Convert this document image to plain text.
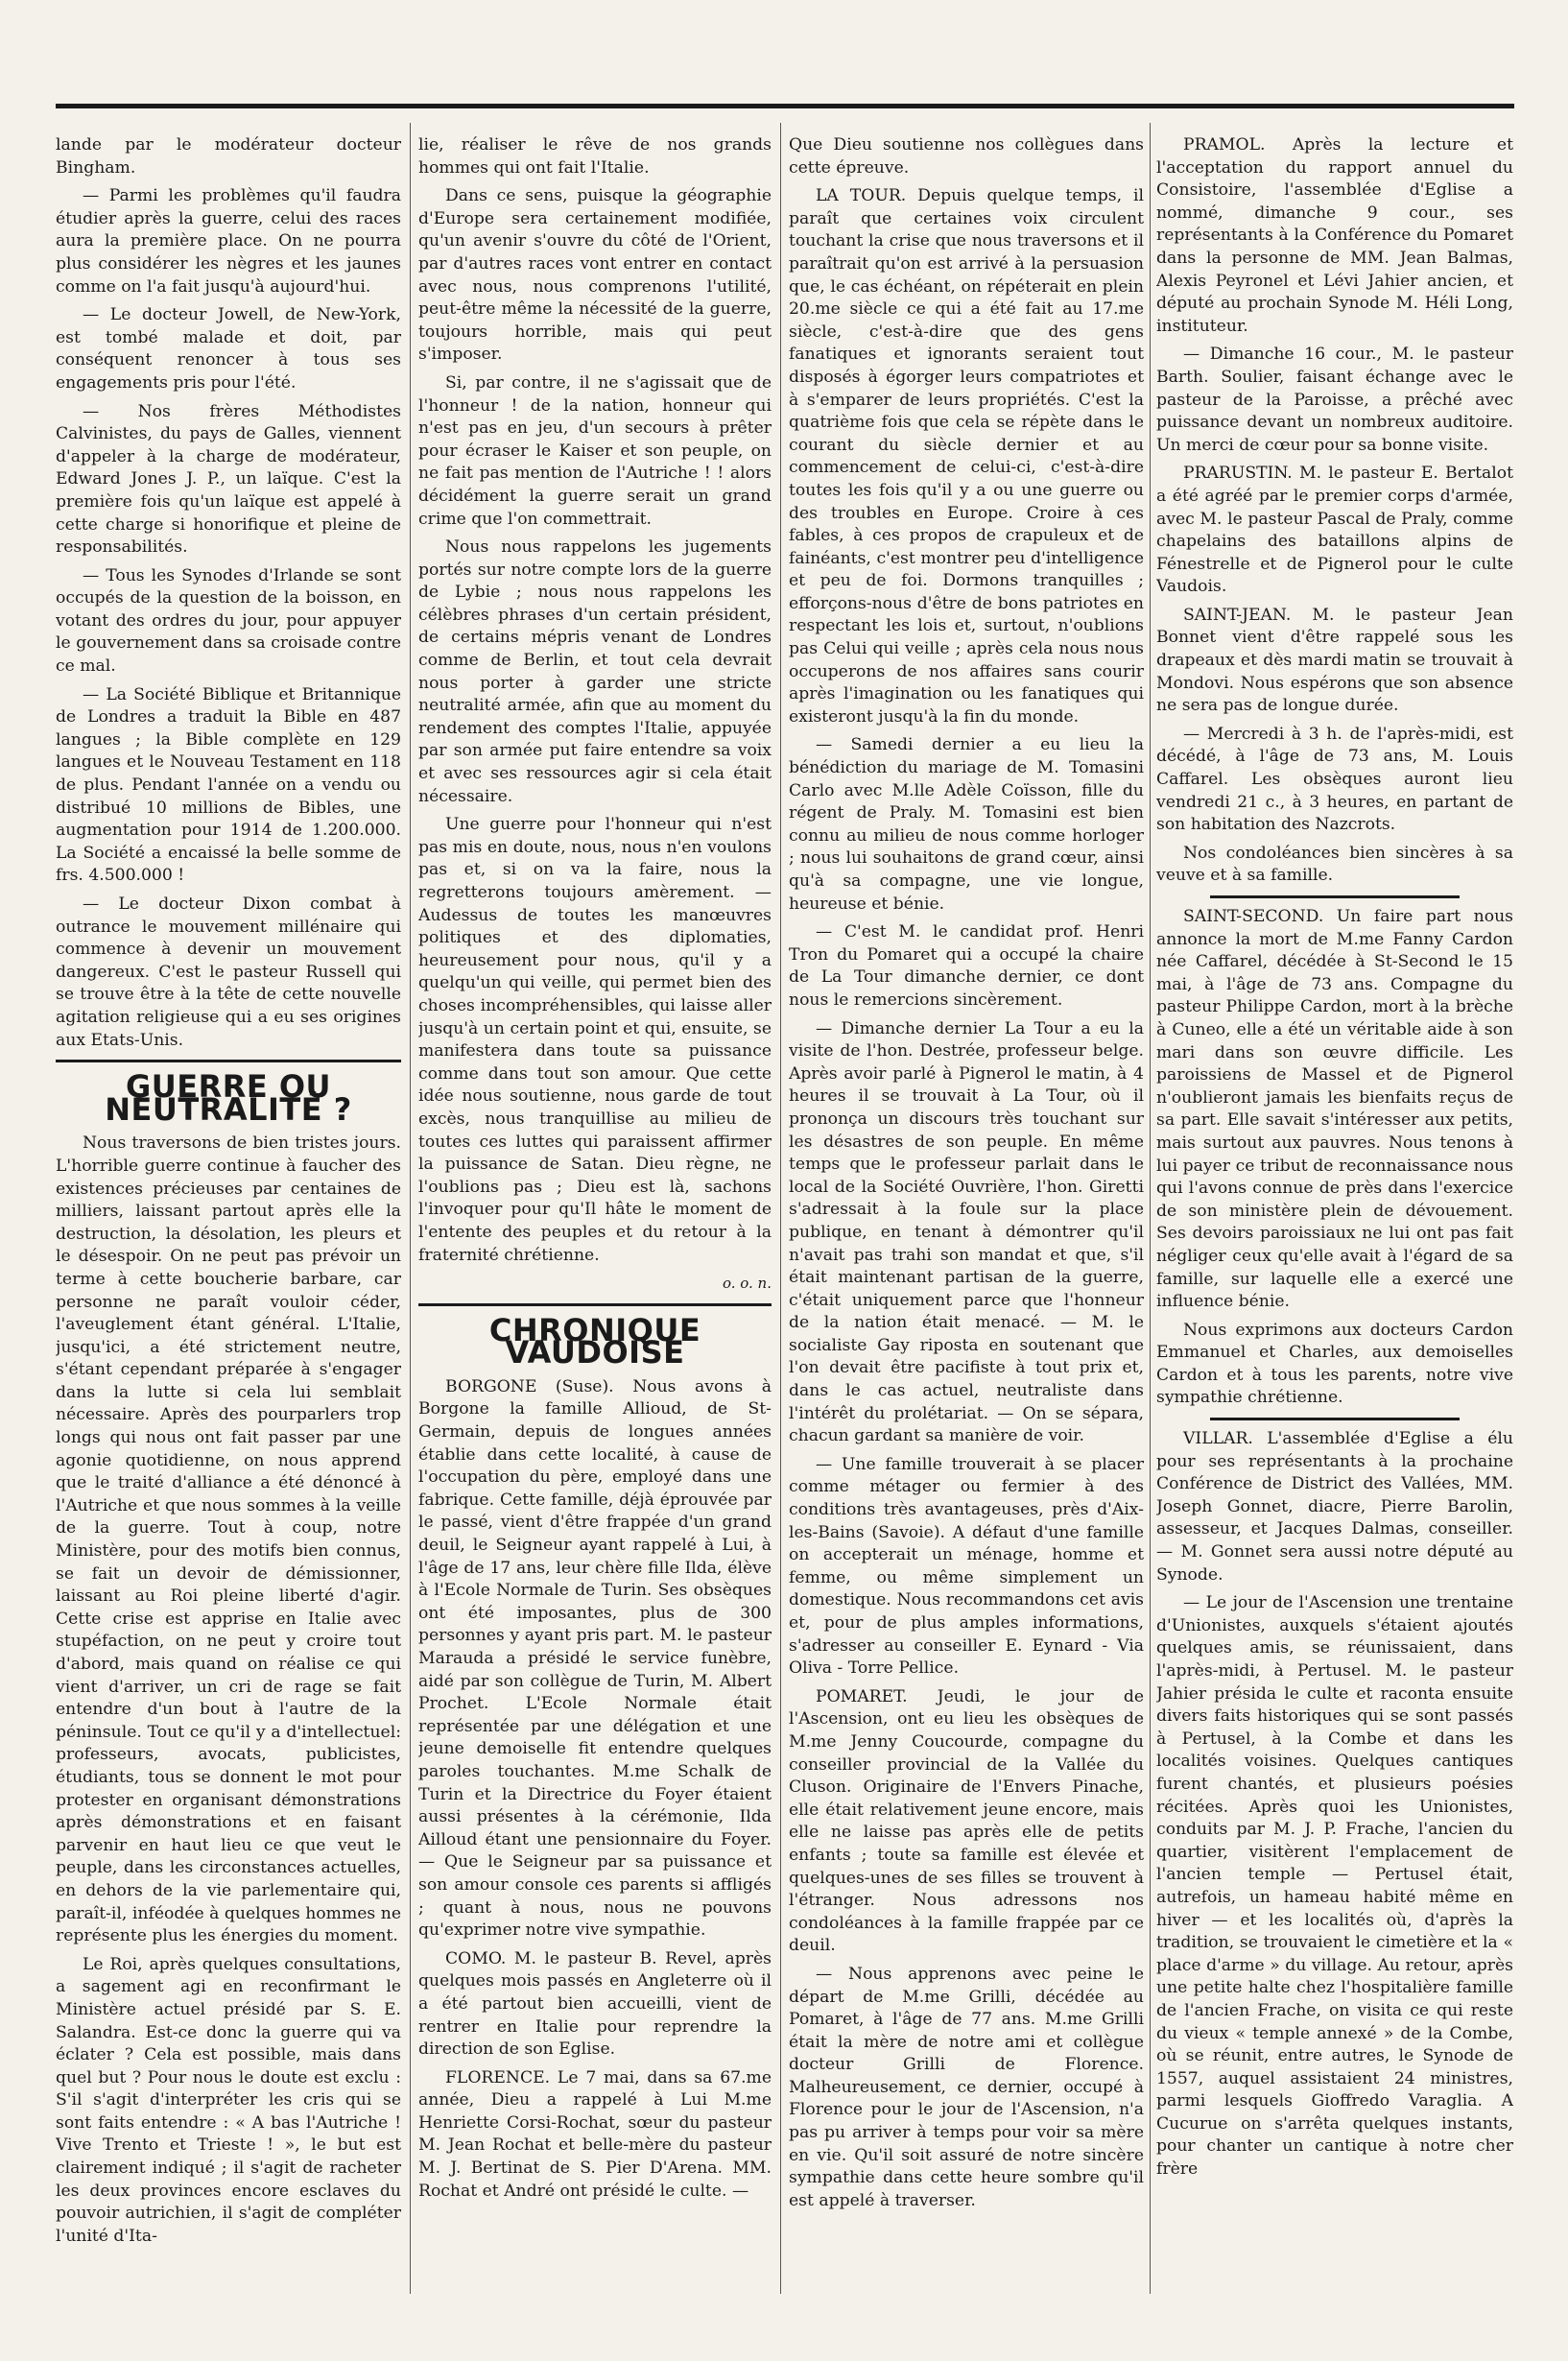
lande par le modérateur docteur Bingham.

— Parmi les problèmes qu'il faudra étudier après la guerre, celui des races aura la première place. On ne pourra plus considérer les nègres et les jaunes comme on l'a fait jusqu'à aujourd'hui.

— Le docteur Jowell, de New-York, est tombé malade et doit, par conséquent renoncer à tous ses engagements pris pour l'été.

— Nos frères Méthodistes Calvinistes, du pays de Galles, viennent d'appeler à la charge de modérateur, Edward Jones J. P., un laïque. C'est la première fois qu'un laïque est appelé à cette charge si honorifique et pleine de responsabilités.

— Tous les Synodes d'Irlande se sont occupés de la question de la boisson, en votant des ordres du jour, pour appuyer le gouvernement dans sa croisade contre ce mal.

— La Société Biblique et Britannique de Londres a traduit la Bible en 487 langues ; la Bible complète en 129 langues et le Nouveau Testament en 118 de plus. Pendant l'année on a vendu ou distribué 10 millions de Bibles, une augmentation pour 1914 de 1.200.000. La Société a encaissé la belle somme de frs. 4.500.000 !

— Le docteur Dixon combat à outrance le mouvement millénaire qui commence à devenir un mouvement dangereux. C'est le pasteur Russell qui se trouve être à la tête de cette nouvelle agitation religieuse qui a eu ses origines aux Etats-Unis.

GUERRE OU NEUTRALITÉ ?

Nous traversons de bien tristes jours. L'horrible guerre continue à faucher des existences précieuses par centaines de milliers, laissant partout après elle la destruction, la désolation, les pleurs et le désespoir. On ne peut pas prévoir un terme à cette boucherie barbare, car personne ne paraît vouloir céder, l'aveuglement étant général. L'Italie, jusqu'ici, a été strictement neutre, s'étant cependant préparée à s'engager dans la lutte si cela lui semblait nécessaire. Après des pourparlers trop longs qui nous ont fait passer par une agonie quotidienne, on nous apprend que le traité d'alliance a été dénoncé à l'Autriche et que nous sommes à la veille de la guerre. Tout à coup, notre Ministère, pour des motifs bien connus, se fait un devoir de démissionner, laissant au Roi pleine liberté d'agir. Cette crise est apprise en Italie avec stupéfaction, on ne peut y croire tout d'abord, mais quand on réalise ce qui vient d'arriver, un cri de rage se fait entendre d'un bout à l'autre de la péninsule. Tout ce qu'il y a d'intellectuel: professeurs, avocats, publicistes, étudiants, tous se donnent le mot pour protester en organisant démonstrations après démonstrations et en faisant parvenir en haut lieu ce que veut le peuple, dans les circonstances actuelles, en dehors de la vie parlementaire qui, paraît-il, inféodée à quelques hommes ne représente plus les énergies du moment.

Le Roi, après quelques consultations, a sagement agi en reconfirmant le Ministère actuel présidé par S. E. Salandra. Est-ce donc la guerre qui va éclater ? Cela est possible, mais dans quel but ? Pour nous le doute est exclu : S'il s'agit d'interpréter les cris qui se sont faits entendre : « A bas l'Autriche ! Vive Trento et Trieste ! », le but est clairement indiqué ; il s'agit de racheter les deux provinces encore esclaves du pouvoir autrichien, il s'agit de compléter l'unité d'Ita-

lie, réaliser le rêve de nos grands hommes qui ont fait l'Italie.

Dans ce sens, puisque la géographie d'Europe sera certainement modifiée, qu'un avenir s'ouvre du côté de l'Orient, par d'autres races vont entrer en contact avec nous, nous comprenons l'utilité, peut-être même la nécessité de la guerre, toujours horrible, mais qui peut s'imposer.

Si, par contre, il ne s'agissait que de l'honneur ! de la nation, honneur qui n'est pas en jeu, d'un secours à prêter pour écraser le Kaiser et son peuple, on ne fait pas mention de l'Autriche ! ! alors décidément la guerre serait un grand crime que l'on commettrait.

Nous nous rappelons les jugements portés sur notre compte lors de la guerre de Lybie ; nous nous rappelons les célèbres phrases d'un certain président, de certains mépris venant de Londres comme de Berlin, et tout cela devrait nous porter à garder une stricte neutralité armée, afin que au moment du rendement des comptes l'Italie, appuyée par son armée put faire entendre sa voix et avec ses ressources agir si cela était nécessaire.

Une guerre pour l'honneur qui n'est pas mis en doute, nous, nous n'en voulons pas et, si on va la faire, nous la regretterons toujours amèrement. — Audessus de toutes les manœuvres politiques et des diplomaties, heureusement pour nous, qu'il y a quelqu'un qui veille, qui permet bien des choses incompréhensibles, qui laisse aller jusqu'à un certain point et qui, ensuite, se manifestera dans toute sa puissance comme dans tout son amour. Que cette idée nous soutienne, nous garde de tout excès, nous tranquillise au milieu de toutes ces luttes qui paraissent affirmer la puissance de Satan. Dieu règne, ne l'oublions pas ; Dieu est là, sachons l'invoquer pour qu'Il hâte le moment de l'entente des peuples et du retour à la fraternité chrétienne.

o. o. n.
CHRONIQUE VAUDOISE

BORGONE (Suse). Nous avons à Borgone la famille Allioud, de St-Germain, depuis de longues années établie dans cette localité, à cause de l'occupation du père, employé dans une fabrique. Cette famille, déjà éprouvée par le passé, vient d'être frappée d'un grand deuil, le Seigneur ayant rappelé à Lui, à l'âge de 17 ans, leur chère fille Ilda, élève à l'Ecole Normale de Turin. Ses obsèques ont été imposantes, plus de 300 personnes y ayant pris part. M. le pasteur Marauda a présidé le service funèbre, aidé par son collègue de Turin, M. Albert Prochet. L'Ecole Normale était représentée par une délégation et une jeune demoiselle fit entendre quelques paroles touchantes. M.me Schalk de Turin et la Directrice du Foyer étaient aussi présentes à la cérémonie, Ilda Ailloud étant une pensionnaire du Foyer. — Que le Seigneur par sa puissance et son amour console ces parents si affligés ; quant à nous, nous ne pouvons qu'exprimer notre vive sympathie.

COMO. M. le pasteur B. Revel, après quelques mois passés en Angleterre où il a été partout bien accueilli, vient de rentrer en Italie pour reprendre la direction de son Eglise.

FLORENCE. Le 7 mai, dans sa 67.me année, Dieu a rappelé à Lui M.me Henriette Corsi-Rochat, sœur du pasteur M. Jean Rochat et belle-mère du pasteur M. J. Bertinat de S. Pier D'Arena. MM. Rochat et André ont présidé le culte. —

Que Dieu soutienne nos collègues dans cette épreuve.

LA TOUR. Depuis quelque temps, il paraît que certaines voix circulent touchant la crise que nous traversons et il paraîtrait qu'on est arrivé à la persuasion que, le cas échéant, on répéterait en plein 20.me siècle ce qui a été fait au 17.me siècle, c'est-à-dire que des gens fanatiques et ignorants seraient tout disposés à égorger leurs compatriotes et à s'emparer de leurs propriétés. C'est la quatrième fois que cela se répète dans le courant du siècle dernier et au commencement de celui-ci, c'est-à-dire toutes les fois qu'il y a ou une guerre ou des troubles en Europe. Croire à ces fables, à ces propos de crapuleux et de fainéants, c'est montrer peu d'intelligence et peu de foi. Dormons tranquilles ; efforçons-nous d'être de bons patriotes en respectant les lois et, surtout, n'oublions pas Celui qui veille ; après cela nous nous occuperons de nos affaires sans courir après l'imagination ou les fanatiques qui existeront jusqu'à la fin du monde.

— Samedi dernier a eu lieu la bénédiction du mariage de M. Tomasini Carlo avec M.lle Adèle Coïsson, fille du régent de Praly. M. Tomasini est bien connu au milieu de nous comme horloger ; nous lui souhaitons de grand cœur, ainsi qu'à sa compagne, une vie longue, heureuse et bénie.

— C'est M. le candidat prof. Henri Tron du Pomaret qui a occupé la chaire de La Tour dimanche dernier, ce dont nous le remercions sincèrement.

— Dimanche dernier La Tour a eu la visite de l'hon. Destrée, professeur belge. Après avoir parlé à Pignerol le matin, à 4 heures il se trouvait à La Tour, où il prononça un discours très touchant sur les désastres de son peuple. En même temps que le professeur parlait dans le local de la Société Ouvrière, l'hon. Giretti s'adressait à la foule sur la place publique, en tenant à démontrer qu'il n'avait pas trahi son mandat et que, s'il était maintenant partisan de la guerre, c'était uniquement parce que l'honneur de la nation était menacé. — M. le socialiste Gay riposta en soutenant que l'on devait être pacifiste à tout prix et, dans le cas actuel, neutraliste dans l'intérêt du prolétariat. — On se sépara, chacun gardant sa manière de voir.

— Une famille trouverait à se placer comme métager ou fermier à des conditions très avantageuses, près d'Aix-les-Bains (Savoie). A défaut d'une famille on accepterait un ménage, homme et femme, ou même simplement un domestique. Nous recommandons cet avis et, pour de plus amples informations, s'adresser au conseiller E. Eynard - Via Oliva - Torre Pellice.

POMARET. Jeudi, le jour de l'Ascension, ont eu lieu les obsèques de M.me Jenny Coucourde, compagne du conseiller provincial de la Vallée du Cluson. Originaire de l'Envers Pinache, elle était relativement jeune encore, mais elle ne laisse pas après elle de petits enfants ; toute sa famille est élevée et quelques-unes de ses filles se trouvent à l'étranger. Nous adressons nos condoléances à la famille frappée par ce deuil.

— Nous apprenons avec peine le départ de M.me Grilli, décédée au Pomaret, à l'âge de 77 ans. M.me Grilli était la mère de notre ami et collègue docteur Grilli de Florence. Malheureusement, ce dernier, occupé à Florence pour le jour de l'Ascension, n'a pas pu arriver à temps pour voir sa mère en vie. Qu'il soit assuré de notre sincère sympathie dans cette heure sombre qu'il est appelé à traverser.

PRAMOL. Après la lecture et l'acceptation du rapport annuel du Consistoire, l'assemblée d'Eglise a nommé, dimanche 9 cour., ses représentants à la Conférence du Pomaret dans la personne de MM. Jean Balmas, Alexis Peyronel et Lévi Jahier ancien, et député au prochain Synode M. Héli Long, instituteur.

— Dimanche 16 cour., M. le pasteur Barth. Soulier, faisant échange avec le pasteur de la Paroisse, a prêché avec puissance devant un nombreux auditoire. Un merci de cœur pour sa bonne visite.

PRARUSTIN. M. le pasteur E. Bertalot a été agréé par le premier corps d'armée, avec M. le pasteur Pascal de Praly, comme chapelains des bataillons alpins de Fénestrelle et de Pignerol pour le culte Vaudois.

SAINT-JEAN. M. le pasteur Jean Bonnet vient d'être rappelé sous les drapeaux et dès mardi matin se trouvait à Mondovi. Nous espérons que son absence ne sera pas de longue durée.

— Mercredi à 3 h. de l'après-midi, est décédé, à l'âge de 73 ans, M. Louis Caffarel. Les obsèques auront lieu vendredi 21 c., à 3 heures, en partant de son habitation des Nazcrots.

Nos condoléances bien sincères à sa veuve et à sa famille.

SAINT-SECOND. Un faire part nous annonce la mort de M.me Fanny Cardon née Caffarel, décédée à St-Second le 15 mai, à l'âge de 73 ans. Compagne du pasteur Philippe Cardon, mort à la brèche à Cuneo, elle a été un véritable aide à son mari dans son œuvre difficile. Les paroissiens de Massel et de Pignerol n'oublieront jamais les bienfaits reçus de sa part. Elle savait s'intéresser aux petits, mais surtout aux pauvres. Nous tenons à lui payer ce tribut de reconnaissance nous qui l'avons connue de près dans l'exercice de son ministère plein de dévouement. Ses devoirs paroissiaux ne lui ont pas fait négliger ceux qu'elle avait à l'égard de sa famille, sur laquelle elle a exercé une influence bénie.

Nous exprimons aux docteurs Cardon Emmanuel et Charles, aux demoiselles Cardon et à tous les parents, notre vive sympathie chrétienne.

VILLAR. L'assemblée d'Eglise a élu pour ses représentants à la prochaine Conférence de District des Vallées, MM. Joseph Gonnet, diacre, Pierre Barolin, assesseur, et Jacques Dalmas, conseiller. — M. Gonnet sera aussi notre député au Synode.

— Le jour de l'Ascension une trentaine d'Unionistes, auxquels s'étaient ajoutés quelques amis, se réunissaient, dans l'après-midi, à Pertusel. M. le pasteur Jahier présida le culte et raconta ensuite divers faits historiques qui se sont passés à Pertusel, à la Combe et dans les localités voisines. Quelques cantiques furent chantés, et plusieurs poésies récitées. Après quoi les Unionistes, conduits par M. J. P. Frache, l'ancien du quartier, visitèrent l'emplacement de l'ancien temple — Pertusel était, autrefois, un hameau habité même en hiver — et les localités où, d'après la tradition, se trouvaient le cimetière et la « place d'arme » du village. Au retour, après une petite halte chez l'hospitalière famille de l'ancien Frache, on visita ce qui reste du vieux « temple annexé » de la Combe, où se réunit, entre autres, le Synode de 1557, auquel assistaient 24 ministres, parmi lesquels Gioffredo Varaglia. A Cucurue on s'arrêta quelques instants, pour chanter un cantique à notre cher frère
